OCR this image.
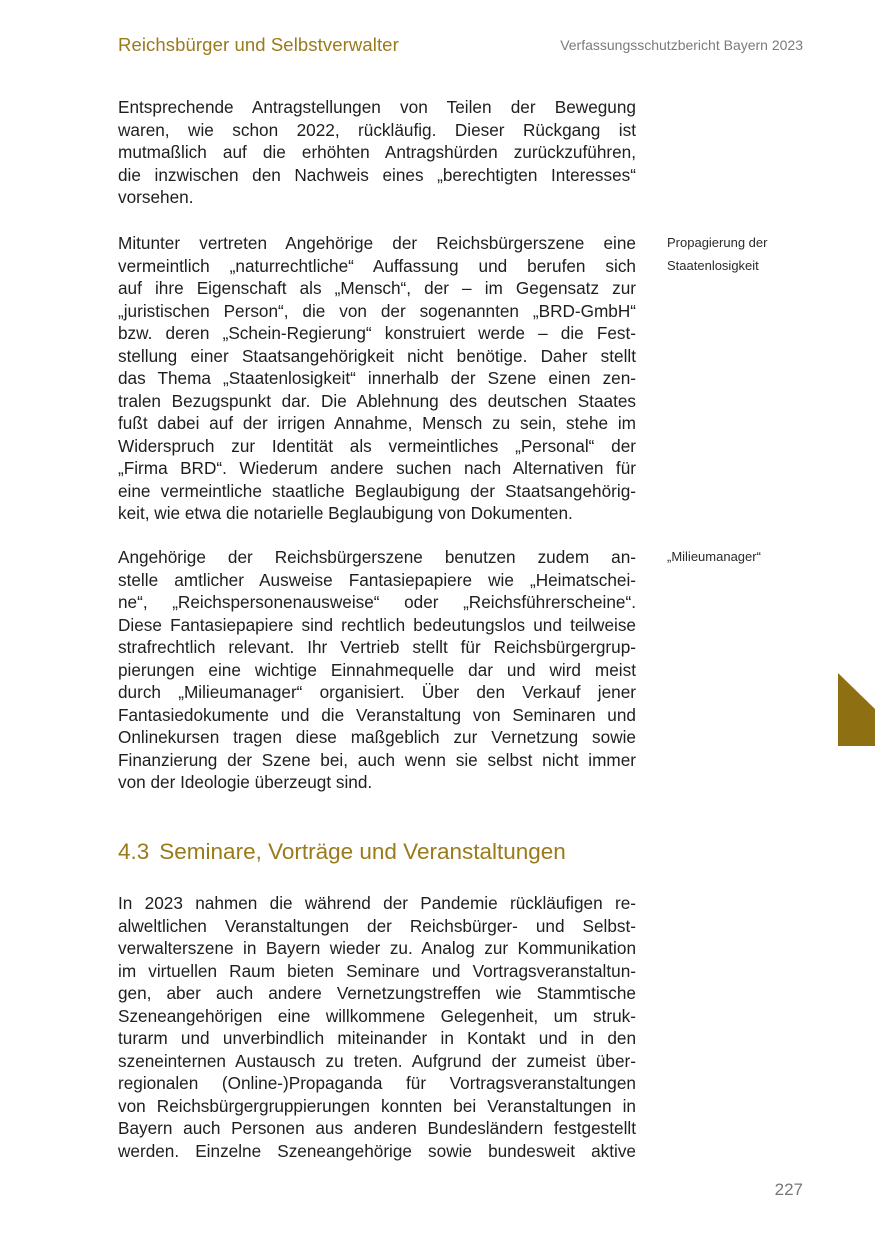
Reichsbürger und Selbstverwalter	Verfassungsschutzbericht Bayern 2023
Entsprechende Antragstellungen von Teilen der Bewegung
waren, wie schon 2022, rückläufig. Dieser Rückgang ist
mutmaßlich auf die erhöhten Antragshürden zurückzuführen,
die inzwischen den Nachweis eines „berechtigten Interesses“
vorsehen.
Mitunter vertreten Angehörige der Reichsbürgerszene eine
vermeintlich „naturrechtliche“ Auffassung und berufen sich
auf ihre Eigenschaft als „Mensch“, der – im Gegensatz zur
„juristischen Person“, die von der sogenannten „BRD-GmbH“
bzw. deren „Schein-Regierung“ konstruiert werde – die Fest-
stellung einer Staatsangehörigkeit nicht benötige. Daher stellt
das Thema „Staatenlosigkeit“ innerhalb der Szene einen zen-
tralen Bezugspunkt dar. Die Ablehnung des deutschen Staates
fußt dabei auf der irrigen Annahme, Mensch zu sein, stehe im
Widerspruch zur Identität als vermeintliches „Personal“ der
„Firma BRD“. Wiederum andere suchen nach Alternativen für
eine vermeintliche staatliche Beglaubigung der Staatsangehörig-
keit, wie etwa die notarielle Beglaubigung von Dokumenten.
Propagierung der
Staatenlosigkeit
Angehörige der Reichsbürgerszene benutzen zudem an-
stelle amtlicher Ausweise Fantasiepapiere wie „Heimatschei-
ne“, „Reichspersonenausweise“ oder „Reichsführerscheine“.
Diese Fantasiepapiere sind rechtlich bedeutungslos und teilweise
strafrechtlich relevant. Ihr Vertrieb stellt für Reichsbürgergrup-
pierungen eine wichtige Einnahmequelle dar und wird meist
durch „Milieumanager“ organisiert. Über den Verkauf jener
Fantasiedokumente und die Veranstaltung von Seminaren und
Onlinekursen tragen diese maßgeblich zur Vernetzung sowie
Finanzierung der Szene bei, auch wenn sie selbst nicht immer
von der Ideologie überzeugt sind.
„Milieumanager“
4.3 Seminare, Vorträge und Veranstaltungen
In 2023 nahmen die während der Pandemie rückläufigen re-
alweltlichen Veranstaltungen der Reichsbürger- und Selbst-
verwalterszene in Bayern wieder zu. Analog zur Kommunikation
im virtuellen Raum bieten Seminare und Vortragsveranstaltun-
gen, aber auch andere Vernetzungstreffen wie Stammtische
Szeneangehörigen eine willkommene Gelegenheit, um struk-
turarm und unverbindlich miteinander in Kontakt und in den
szeneinternen Austausch zu treten. Aufgrund der zumeist über-
regionalen (Online-)Propaganda für Vortragsveranstaltungen
von Reichsbürgergruppierungen konnten bei Veranstaltungen in
Bayern auch Personen aus anderen Bundesländern festgestellt
werden. Einzelne Szeneangehörige sowie bundesweit aktive
227
